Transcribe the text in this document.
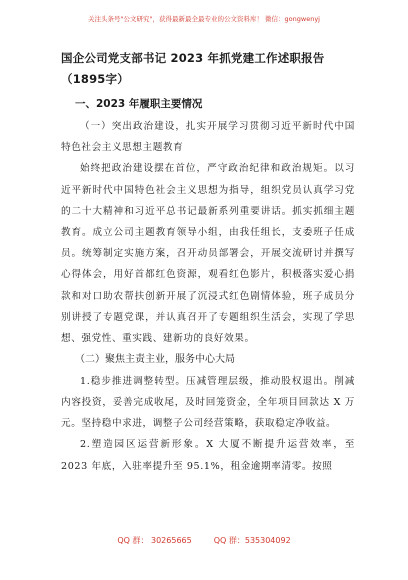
关注头条号"公文研究"，获得最新最全最专业的公文资料库！ 微信：gongwenyj
国企公司党支部书记 2023 年抓党建工作述职报告（1895字）
一、2023 年履职主要情况

（一）突出政治建设，扎实开展学习贯彻习近平新时代中国特色社会主义思想主题教育

始终把政治建设摆在首位，严守政治纪律和政治规矩。以习近平新时代中国特色社会主义思想为指导，组织党员认真学习党的二十大精神和习近平总书记最新系列重要讲话。抓实抓细主题教育。成立公司主题教育领导小组，由我任组长，支委班子任成员。统筹制定实施方案，召开动员部署会，开展交流研讨并撰写心得体会，用好首都红色资源，观看红色影片，积极落实爱心捐款和对口助农帮扶创新开展了沉浸式红色剧情体验，班子成员分别讲授了专题党课，并认真召开了专题组织生活会，实现了学思想、强党性、重实践、建新功的良好效果。

（二）聚焦主责主业，服务中心大局

1.稳步推进调整转型。压减管理层级，推动股权退出。削减内容投资，妥善完成收尾，及时回笼资金，全年项目回款达 X 万元。坚持稳中求进，调整子公司经营策略，获取稳定净收益。

2.塑造园区运营新形象。X 大厦不断提升运营效率，至 2023 年底，入驻率提升至 95.1%，租金逾期率清零。按照

QQ 群： 30265665	QQ 群：535304092
